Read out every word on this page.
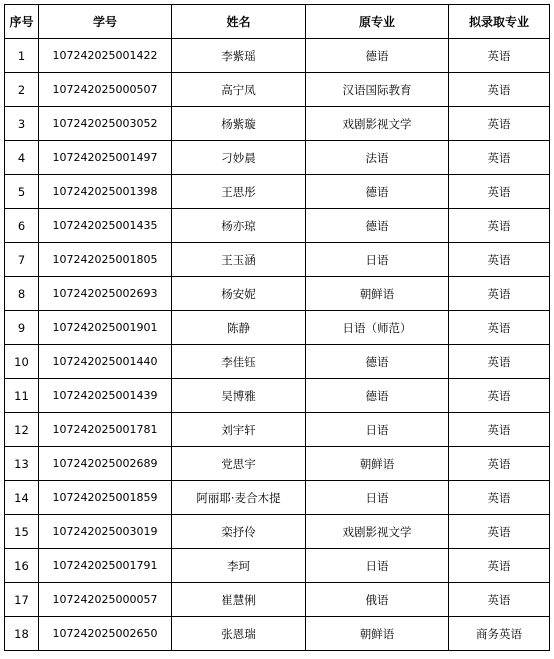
序号	学号	姓名	原专业	拟录取专业
1	107242025001422	李紫瑶	德语	英语
2	107242025000507	高宁凤	汉语国际教育	英语
3	107242025003052	杨紫璇	戏剧影视文学	英语
4	107242025001497	刁妙晨	法语	英语
5	107242025001398	王思彤	德语	英语
6	107242025001435	杨亦琼	德语	英语
7	107242025001805	王玉涵	日语	英语
8	107242025002693	杨安妮	朝鲜语	英语
9	107242025001901	陈静	日语（师范）	英语
10	107242025001440	李佳钰	德语	英语
11	107242025001439	吴博雅	德语	英语
12	107242025001781	刘宇轩	日语	英语
13	107242025002689	党思宇	朝鲜语	英语
14	107242025001859	阿丽耶·麦合木提	日语	英语
15	107242025003019	栾抒伶	戏剧影视文学	英语
16	107242025001791	李珂	日语	英语
17	107242025000057	崔慧俐	俄语	英语
18	107242025002650	张恩瑞	朝鲜语	商务英语
